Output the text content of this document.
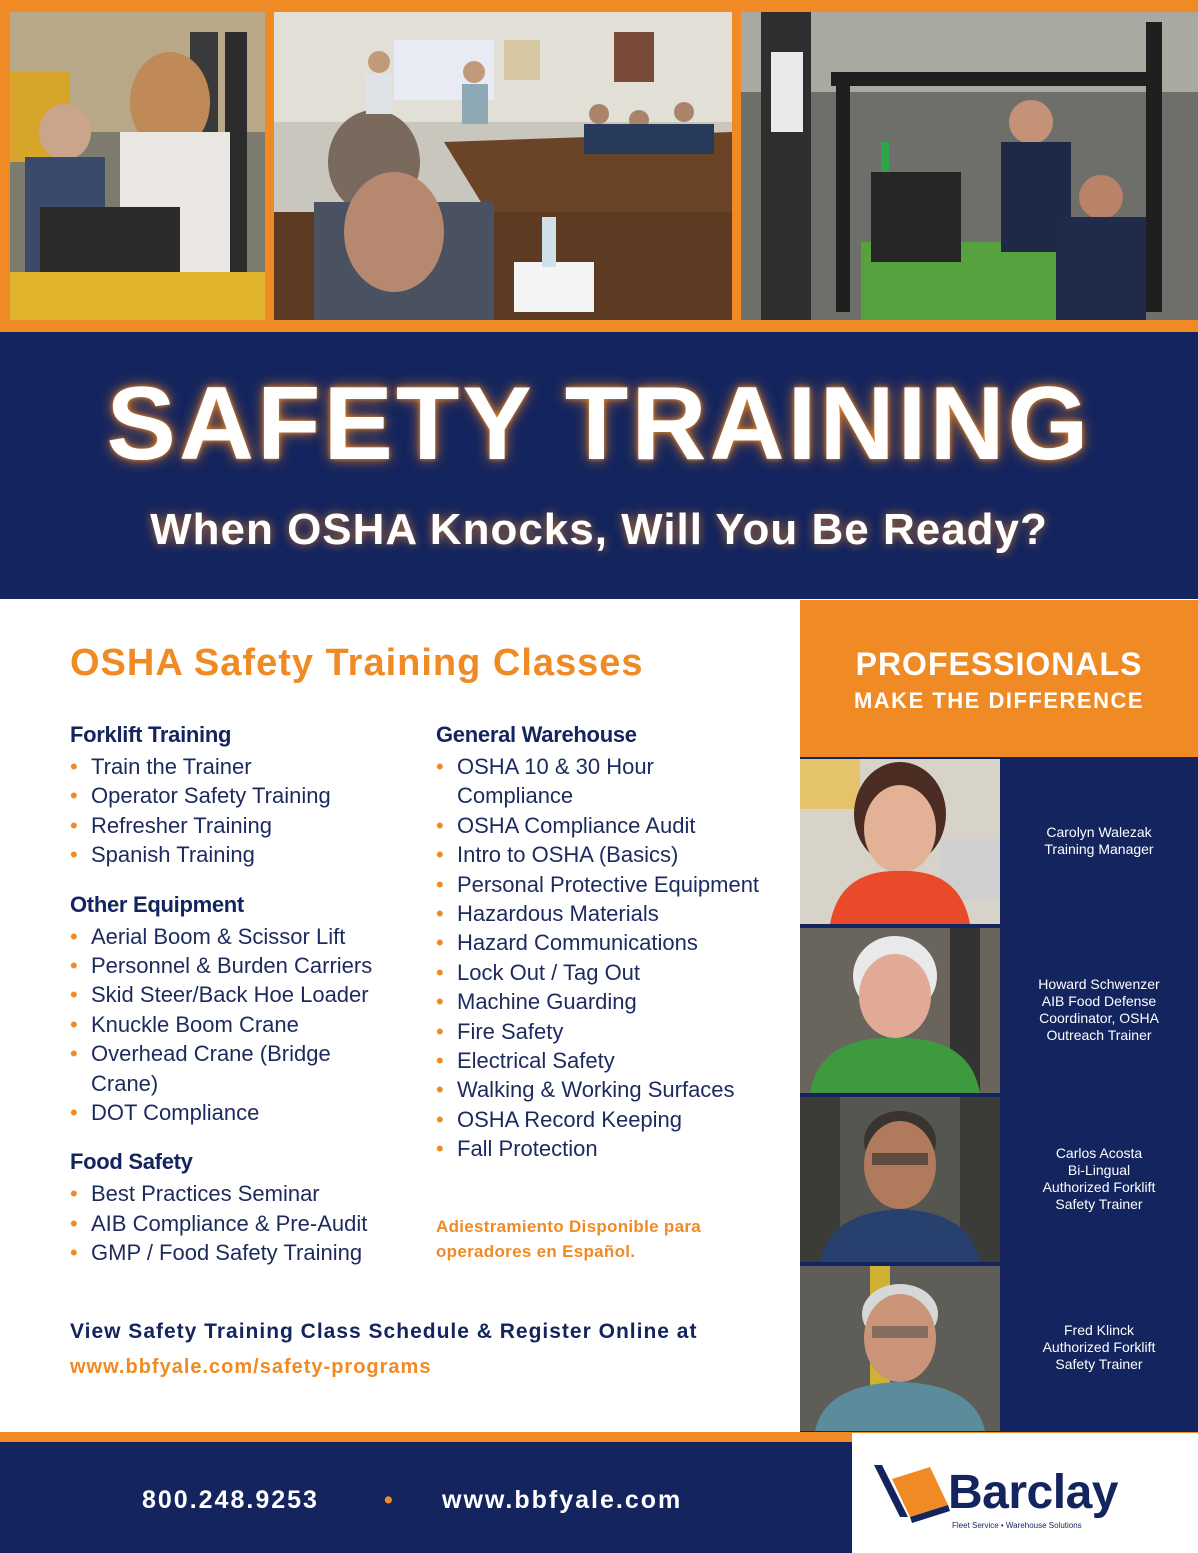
SAFETY TRAINING
When OSHA Knocks, Will You Be Ready?
OSHA Safety Training Classes
Forklift Training
• Train the Trainer
• Operator Safety Training
• Refresher Training
• Spanish Training
Other Equipment
• Aerial Boom & Scissor Lift
• Personnel & Burden Carriers
• Skid Steer/Back Hoe Loader
• Knuckle Boom Crane
• Overhead Crane (Bridge Crane)
• DOT Compliance
Food Safety
• Best Practices Seminar
• AIB Compliance & Pre-Audit
• GMP / Food Safety Training
General Warehouse
• OSHA 10 & 30 Hour Compliance
• OSHA Compliance Audit
• Intro to OSHA (Basics)
• Personal Protective Equipment
• Hazardous Materials
• Hazard Communications
• Lock Out / Tag Out
• Machine Guarding
• Fire Safety
• Electrical Safety
• Walking & Working Surfaces
• OSHA Record Keeping
• Fall Protection
Adiestramiento Disponible para operadores en Español.
View Safety Training Class Schedule & Register Online at
www.bbfyale.com/safety-programs
PROFESSIONALS
MAKE THE DIFFERENCE
Carolyn Walezak
Training Manager
Howard Schwenzer
AIB Food Defense
Coordinator, OSHA
Outreach Trainer
Carlos Acosta
Bi-Lingual
Authorized Forklift
Safety Trainer
Fred Klinck
Authorized Forklift
Safety Trainer
800.248.9253	• www.bbfyale.com	Barclay
Fleet Service • Warehouse Solutions
